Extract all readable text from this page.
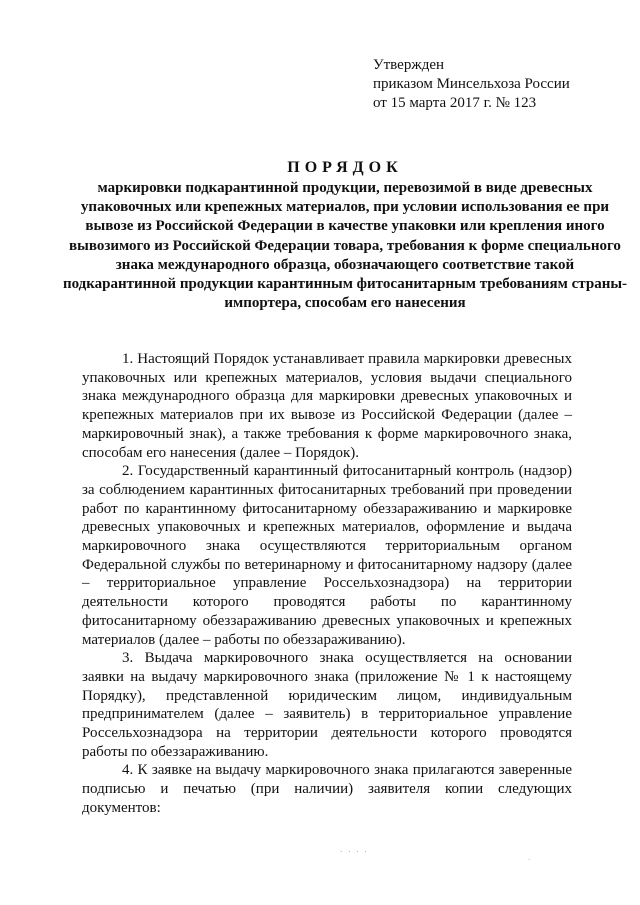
Утвержден
приказом Минсельхоза России
от 15 марта 2017 г. № 123
ПОРЯДОК
маркировки подкарантинной продукции, перевозимой в виде древесных упаковочных или крепежных материалов, при условии использования ее при вывозе из Российской Федерации в качестве упаковки или крепления иного вывозимого из Российской Федерации товара, требования к форме специального знака международного образца, обозначающего соответствие такой подкарантинной продукции карантинным фитосанитарным требованиям страны-импортера, способам его нанесения

1. Настоящий Порядок устанавливает правила маркировки древесных упаковочных или крепежных материалов, условия выдачи специального знака международного образца для маркировки древесных упаковочных и крепежных материалов при их вывозе из Российской Федерации (далее – маркировочный знак), а также требования к форме маркировочного знака, способам его нанесения (далее – Порядок).

2. Государственный карантинный фитосанитарный контроль (надзор) за соблюдением карантинных фитосанитарных требований при проведении работ по карантинному фитосанитарному обеззараживанию и маркировке древесных упаковочных и крепежных материалов, оформление и выдача маркировочного знака осуществляются территориальным органом Федеральной службы по ветеринарному и фитосанитарному надзору (далее – территориальное управление Россельхознадзора) на территории деятельности которого проводятся работы по карантинному фитосанитарному обеззараживанию древесных упаковочных и крепежных материалов (далее – работы по обеззараживанию).

3. Выдача маркировочного знака осуществляется на основании заявки на выдачу маркировочного знака (приложение № 1 к настоящему Порядку), представленной юридическим лицом, индивидуальным предпринимателем (далее – заявитель) в территориальное управление Россельхознадзора на территории деятельности которого проводятся работы по обеззараживанию.

4. К заявке на выдачу маркировочного знака прилагаются заверенные подписью и печатью (при наличии) заявителя копии следующих документов:

· · · ·
·
